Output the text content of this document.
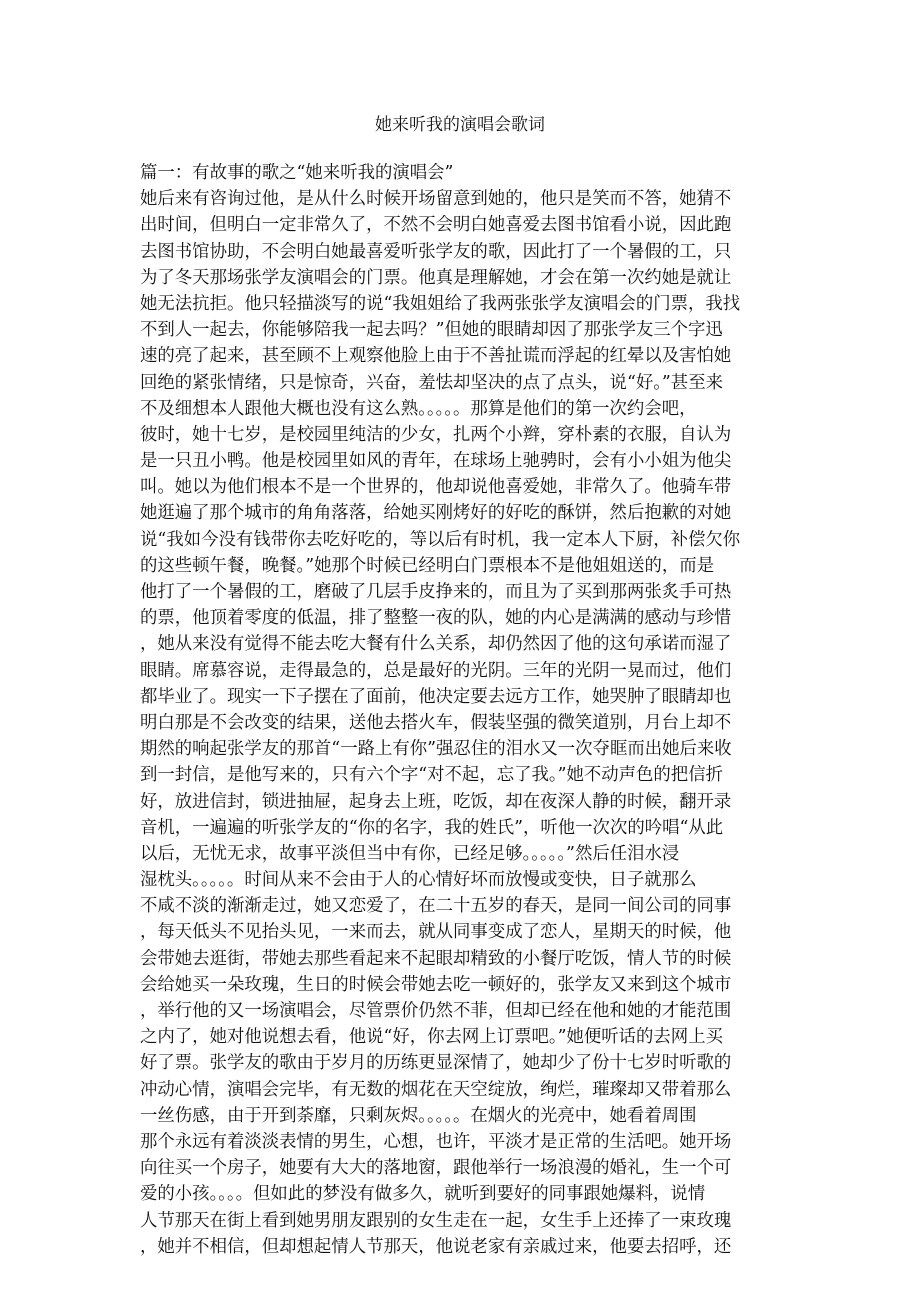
她来听我的演唱会歌词
篇一：有故事的歌之“她来听我的演唱会”
她后来有咨询过他，是从什么时候开场留意到她的，他只是笑而不答，她猜不
出时间，但明白一定非常久了，不然不会明白她喜爱去图书馆看小说，因此跑
去图书馆协助，不会明白她最喜爱听张学友的歌，因此打了一个暑假的工，只
为了冬天那场张学友演唱会的门票。他真是理解她，才会在第一次约她是就让
她无法抗拒。他只轻描淡写的说“我姐姐给了我两张张学友演唱会的门票，我找
不到人一起去，你能够陪我一起去吗？”但她的眼睛却因了那张学友三个字迅
速的亮了起来，甚至顾不上观察他脸上由于不善扯谎而浮起的红晕以及害怕她
回绝的紧张情绪，只是惊奇，兴奋，羞怯却坚决的点了点头，说“好。”甚至来
不及细想本人跟他大概也没有这么熟。。。。。那算是他们的第一次约会吧，
彼时，她十七岁，是校园里纯洁的少女，扎两个小辫，穿朴素的衣服，自认为
是一只丑小鸭。他是校园里如风的青年，在球场上驰骋时，会有小小姐为他尖
叫。她以为他们根本不是一个世界的，他却说他喜爱她，非常久了。他骑车带
她逛遍了那个城市的角角落落，给她买刚烤好的好吃的酥饼，然后抱歉的对她
说“我如今没有钱带你去吃好吃的，等以后有时机，我一定本人下厨，补偿欠你
的这些顿午餐，晚餐。”她那个时候已经明白门票根本不是他姐姐送的，而是
他打了一个暑假的工，磨破了几层手皮挣来的，而且为了买到那两张炙手可热
的票，他顶着零度的低温，排了整整一夜的队，她的内心是满满的感动与珍惜
，她从来没有觉得不能去吃大餐有什么关系，却仍然因了他的这句承诺而湿了
眼睛。席慕容说，走得最急的，总是最好的光阴。三年的光阴一晃而过，他们
都毕业了。现实一下子摆在了面前，他决定要去远方工作，她哭肿了眼睛却也
明白那是不会改变的结果，送他去搭火车，假装坚强的微笑道别，月台上却不
期然的响起张学友的那首“一路上有你”强忍住的泪水又一次夺眶而出她后来收
到一封信，是他写来的，只有六个字“对不起，忘了我。”她不动声色的把信折
好，放进信封，锁进抽屉，起身去上班，吃饭，却在夜深人静的时候，翻开录
音机，一遍遍的听张学友的“你的名字，我的姓氏”，听他一次次的吟唱“从此
以后，无忧无求，故事平淡但当中有你，已经足够。。。。。”然后任泪水浸
湿枕头。。。。。时间从来不会由于人的心情好坏而放慢或变快，日子就那么
不咸不淡的渐渐走过，她又恋爱了，在二十五岁的春天，是同一间公司的同事
，每天低头不见抬头见，一来而去，就从同事变成了恋人，星期天的时候，他
会带她去逛街，带她去那些看起来不起眼却精致的小餐厅吃饭，情人节的时候
会给她买一朵玫瑰，生日的时候会带她去吃一顿好的，张学友又来到这个城市
，举行他的又一场演唱会，尽管票价仍然不菲，但却已经在他和她的才能范围
之内了，她对他说想去看，他说“好，你去网上订票吧。”她便听话的去网上买
好了票。张学友的歌由于岁月的历练更显深情了，她却少了份十七岁时听歌的
冲动心情，演唱会完毕，有无数的烟花在天空绽放，绚烂，璀璨却又带着那么
一丝伤感，由于开到荼靡，只剩灰烬。。。。。在烟火的光亮中，她看着周围
那个永远有着淡淡表情的男生，心想，也许，平淡才是正常的生活吧。她开场
向往买一个房子，她要有大大的落地窗，跟他举行一场浪漫的婚礼，生一个可
爱的小孩。。。。但如此的梦没有做多久，就听到要好的同事跟她爆料，说情
人节那天在街上看到她男朋友跟别的女生走在一起，女生手上还捧了一束玫瑰
，她并不相信，但却想起情人节那天，他说老家有亲戚过来，他要去招呼，还
